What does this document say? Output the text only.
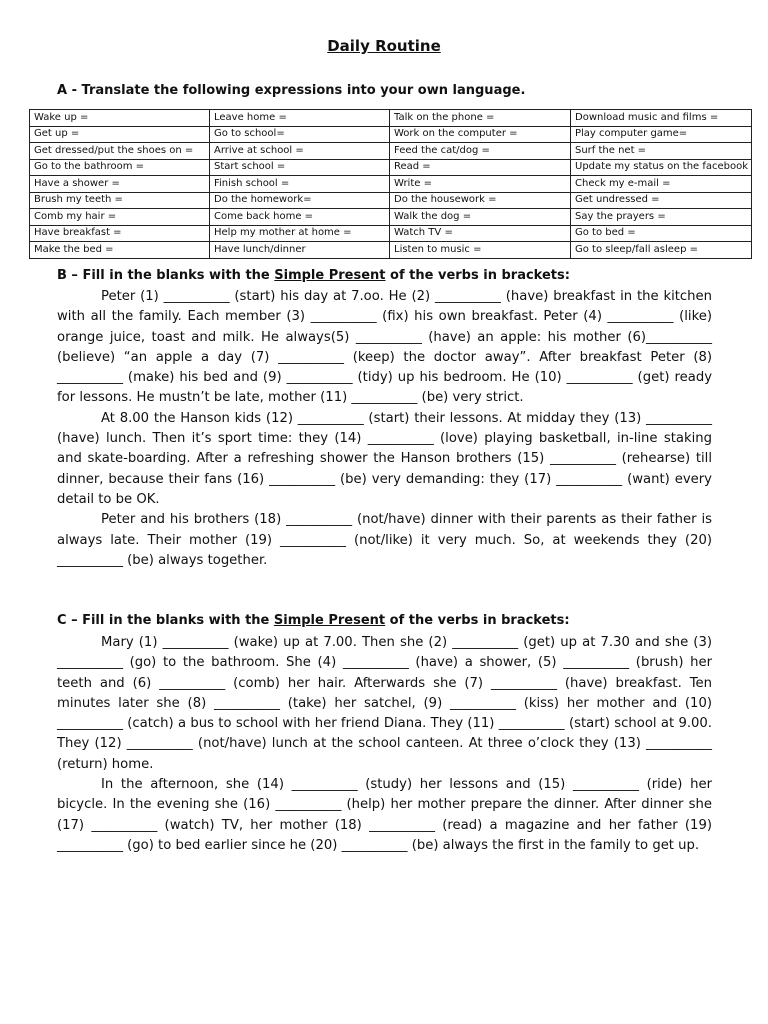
Daily Routine
A - Translate the following expressions into your own language.
Wake up =	Leave home =	Talk on the phone =	Download music and films =
Get up =	Go to school=	Work on the computer =	Play computer game=
Get dressed/put the shoes on =	Arrive at school =	Feed the cat/dog =	Surf the net =
Go to the bathroom =	Start school =	Read =	Update my status on the facebook
Have a shower =	Finish school =	Write =	Check my e-mail =
Brush my teeth =	Do the homework=	Do the housework =	Get undressed =
Comb my hair =	Come back home =	Walk the dog =	Say the prayers =
Have breakfast =	Help my mother at home =	Watch TV =	Go to bed =
Make the bed =	Have lunch/dinner	Listen to music =	Go to sleep/fall asleep =
B – Fill in the blanks with the Simple Present of the verbs in brackets:

Peter (1) __________ (start) his day at 7.oo. He (2) __________ (have) breakfast in the kitchen with all the family. Each member (3) __________ (fix) his own breakfast. Peter (4) __________ (like) orange juice, toast and milk. He always(5) __________ (have) an apple: his mother (6)__________ (believe) “an apple a day (7) __________ (keep) the doctor away”. After breakfast Peter (8) __________ (make) his bed and (9) __________ (tidy) up his bedroom. He (10) __________ (get) ready for lessons. He mustn’t be late, mother (11) __________ (be) very strict.

At 8.00 the Hanson kids (12) __________ (start) their lessons. At midday they (13) __________ (have) lunch. Then it’s sport time: they (14) __________ (love) playing basketball, in-line staking and skate-boarding. After a refreshing shower the Hanson brothers (15) __________ (rehearse) till dinner, because their fans (16) __________ (be) very demanding: they (17) __________ (want) every detail to be OK.

Peter and his brothers (18) __________ (not/have) dinner with their parents as their father is always late. Their mother (19) __________ (not/like) it very much. So, at weekends they (20) __________ (be) always together.

C – Fill in the blanks with the Simple Present of the verbs in brackets:

Mary (1) __________ (wake) up at 7.00. Then she (2) __________ (get) up at 7.30 and she (3) __________ (go) to the bathroom. She (4) __________ (have) a shower, (5) __________ (brush) her teeth and (6) __________ (comb) her hair. Afterwards she (7) __________ (have) breakfast. Ten minutes later she (8) __________ (take) her satchel, (9) __________ (kiss) her mother and (10) __________ (catch) a bus to school with her friend Diana. They (11) __________ (start) school at 9.00. They (12) __________ (not/have) lunch at the school canteen. At three o’clock they (13) __________ (return) home.

In the afternoon, she (14) __________ (study) her lessons and (15) __________ (ride) her bicycle. In the evening she (16) __________ (help) her mother prepare the dinner. After dinner she (17) __________ (watch) TV, her mother (18) __________ (read) a magazine and her father (19) __________ (go) to bed earlier since he (20) __________ (be) always the first in the family to get up.
